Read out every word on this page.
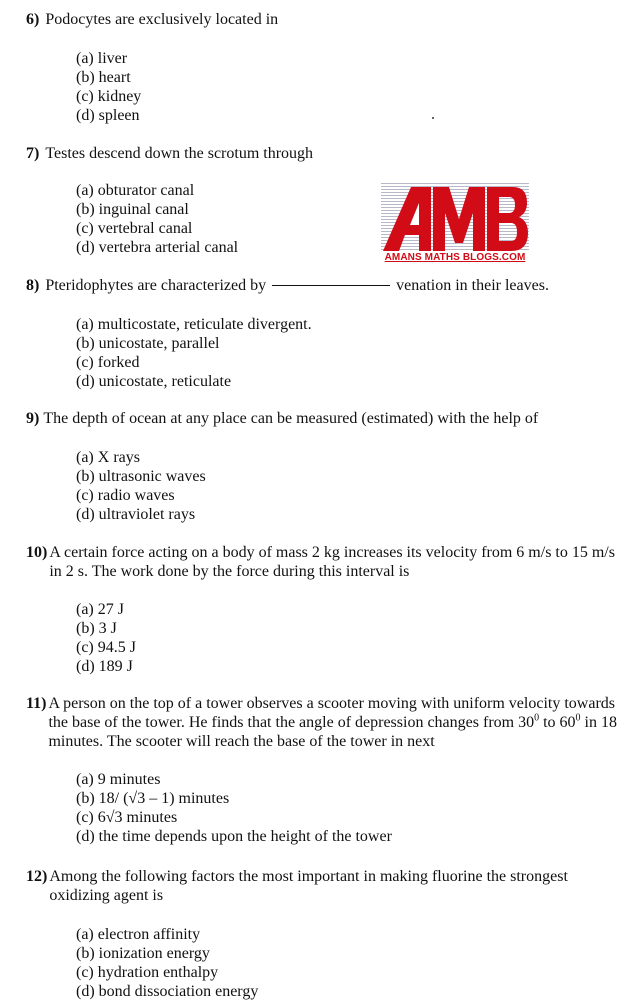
6) Podocytes are exclusively located in
(a) liver
(b) heart
(c) kidney
(d) spleen
7) Testes descend down the scrotum through
(a) obturator canal
(b) inguinal canal
(c) vertebral canal
(d) vertebra arterial canal
AMANS MATHS BLOGS.COM
8) Pteridophytes are characterized by	venation in their leaves.
(a) multicostate, reticulate divergent.
(b) unicostate, parallel
(c) forked
(d) unicostate, reticulate
9) The depth of ocean at any place can be measured (estimated) with the help of
(a) X rays
(b) ultrasonic waves
(c) radio waves
(d) ultraviolet rays
10) A certain force acting on a body of mass 2 kg increases its velocity from 6 m/s to 15 m/s in 2 s. The work done by the force during this interval is
(a) 27 J
(b) 3 J
(c) 94.5 J
(d) 189 J
11) A person on the top of a tower observes a scooter moving with uniform velocity towards the base of the tower. He finds that the angle of depression changes from $30^0$ to $60^0$ in 18 minutes. The scooter will reach the base of the tower in next
(a) 9 minutes
(b) 18/ (√3 – 1) minutes
(c) 6√3 minutes
(d) the time depends upon the height of the tower
12) Among the following factors the most important in making fluorine the strongest oxidizing agent is
(a) electron affinity
(b) ionization energy
(c) hydration enthalpy
(d) bond dissociation energy
